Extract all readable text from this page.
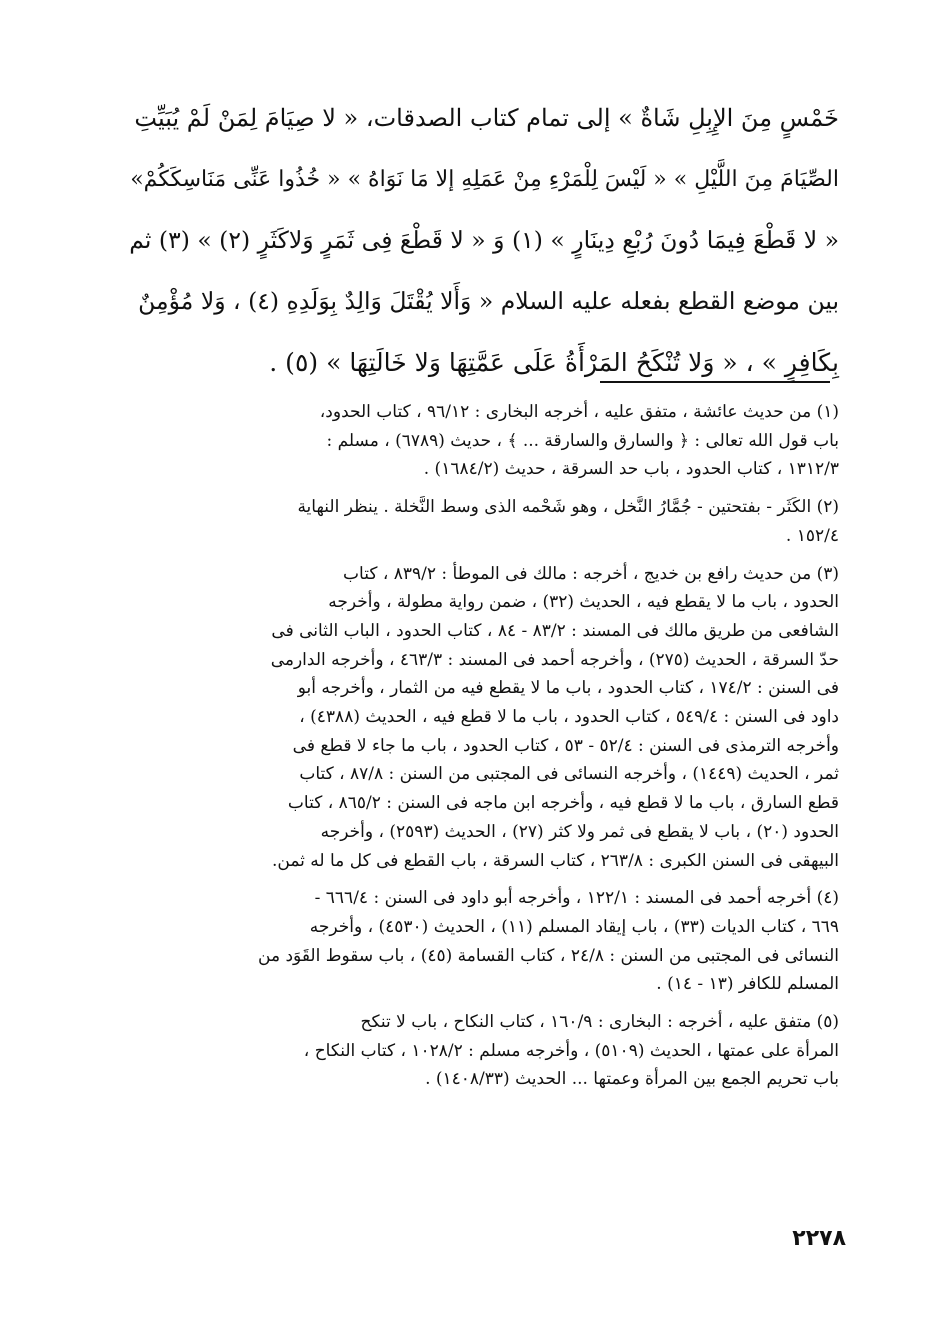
خَمْسٍ مِنَ الإِبِلِ شَاةٌ » إلى تمام كتاب الصدقات، « لا صِيَامَ لِمَنْ لَمْ يُبَيِّتِ

الصِّيَامَ مِنَ اللَّيْلِ » « لَيْسَ لِلْمَرْءِ مِنْ عَمَلِهِ إلا مَا نَوَاهُ » « خُذُوا عَنِّى مَنَاسِكَكُمْ»

« لا قَطْعَ فِيمَا دُونَ رُبْعِ دِينَارٍ » (١) وَ « لا قَطْعَ فِى ثَمَرٍ وَلاكَثَرٍ (٢) » (٣) ثم

بين موضع القطع بفعله عليه السلام « وَأَلا يُقْتَلَ وَالِدٌ بِوَلَدِهِ (٤) ، وَلا مُؤْمِنٌ

بِكَافِرٍ » ، « وَلا تُنْكَحُ المَرْأَةُ عَلَى عَمَّتِهَا وَلا خَالَتِهَا » (٥) .

(١) من حديث عائشة ، متفق عليه ، أخرجه البخارى : ٩٦/١٢ ، كتاب الحدود،
باب قول الله تعالى : ﴿ والسارق والسارقة ... ﴾ ، حديث (٦٧٨٩) ، مسلم :
١٣١٢/٣ ، كتاب الحدود ، باب حد السرقة ، حديث (١٦٨٤/٢) .
(٢) الكَثَر - بفتحتين - جُمَّارُ النَّخل ، وهو شَحْمه الذى وسط النَّخلة . ينظر النهاية
١٥٢/٤ .
(٣) من حديث رافع بن خديج ، أخرجه : مالك فى الموطأ : ٨٣٩/٢ ، كتاب
الحدود ، باب ما لا يقطع فيه ، الحديث (٣٢) ، ضمن رواية مطولة ، وأخرجه
الشافعى من طريق مالك فى المسند : ٨٣/٢ - ٨٤ ، كتاب الحدود ، الباب الثانى فى
حدّ السرقة ، الحديث (٢٧٥) ، وأخرجه أحمد فى المسند : ٤٦٣/٣ ، وأخرجه الدارمى
فى السنن : ١٧٤/٢ ، كتاب الحدود ، باب ما لا يقطع فيه من الثمار ، وأخرجه أبو
داود فى السنن : ٥٤٩/٤ ، كتاب الحدود ، باب ما لا قطع فيه ، الحديث (٤٣٨٨) ،
وأخرجه الترمذى فى السنن : ٥٢/٤ - ٥٣ ، كتاب الحدود ، باب ما جاء لا قطع فى
ثمر ، الحديث (١٤٤٩) ، وأخرجه النسائى فى المجتبى من السنن : ٨٧/٨ ، كتاب
قطع السارق ، باب ما لا قطع فيه ، وأخرجه ابن ماجه فى السنن : ٨٦٥/٢ ، كتاب
الحدود (٢٠) ، باب لا يقطع فى ثمر ولا كثر (٢٧) ، الحديث (٢٥٩٣) ، وأخرجه
البيهقى فى السنن الكبرى : ٢٦٣/٨ ، كتاب السرقة ، باب القطع فى كل ما له ثمن.
(٤) أخرجه أحمد فى المسند : ١٢٢/١ ، وأخرجه أبو داود فى السنن : ٦٦٦/٤ -
٦٦٩ ، كتاب الديات (٣٣) ، باب إيقاد المسلم (١١) ، الحديث (٤٥٣٠) ، وأخرجه
النسائى فى المجتبى من السنن : ٢٤/٨ ، كتاب القسامة (٤٥) ، باب سقوط القَوَد من
المسلم للكافر (١٣ - ١٤) .
(٥) متفق عليه ، أخرجه : البخارى : ١٦٠/٩ ، كتاب النكاح ، باب لا تنكح
المرأة على عمتها ، الحديث (٥١٠٩) ، وأخرجه مسلم : ١٠٢٨/٢ ، كتاب النكاح ،
باب تحريم الجمع بين المرأة وعمتها ... الحديث (١٤٠٨/٣٣) .
٢٢٧٨
